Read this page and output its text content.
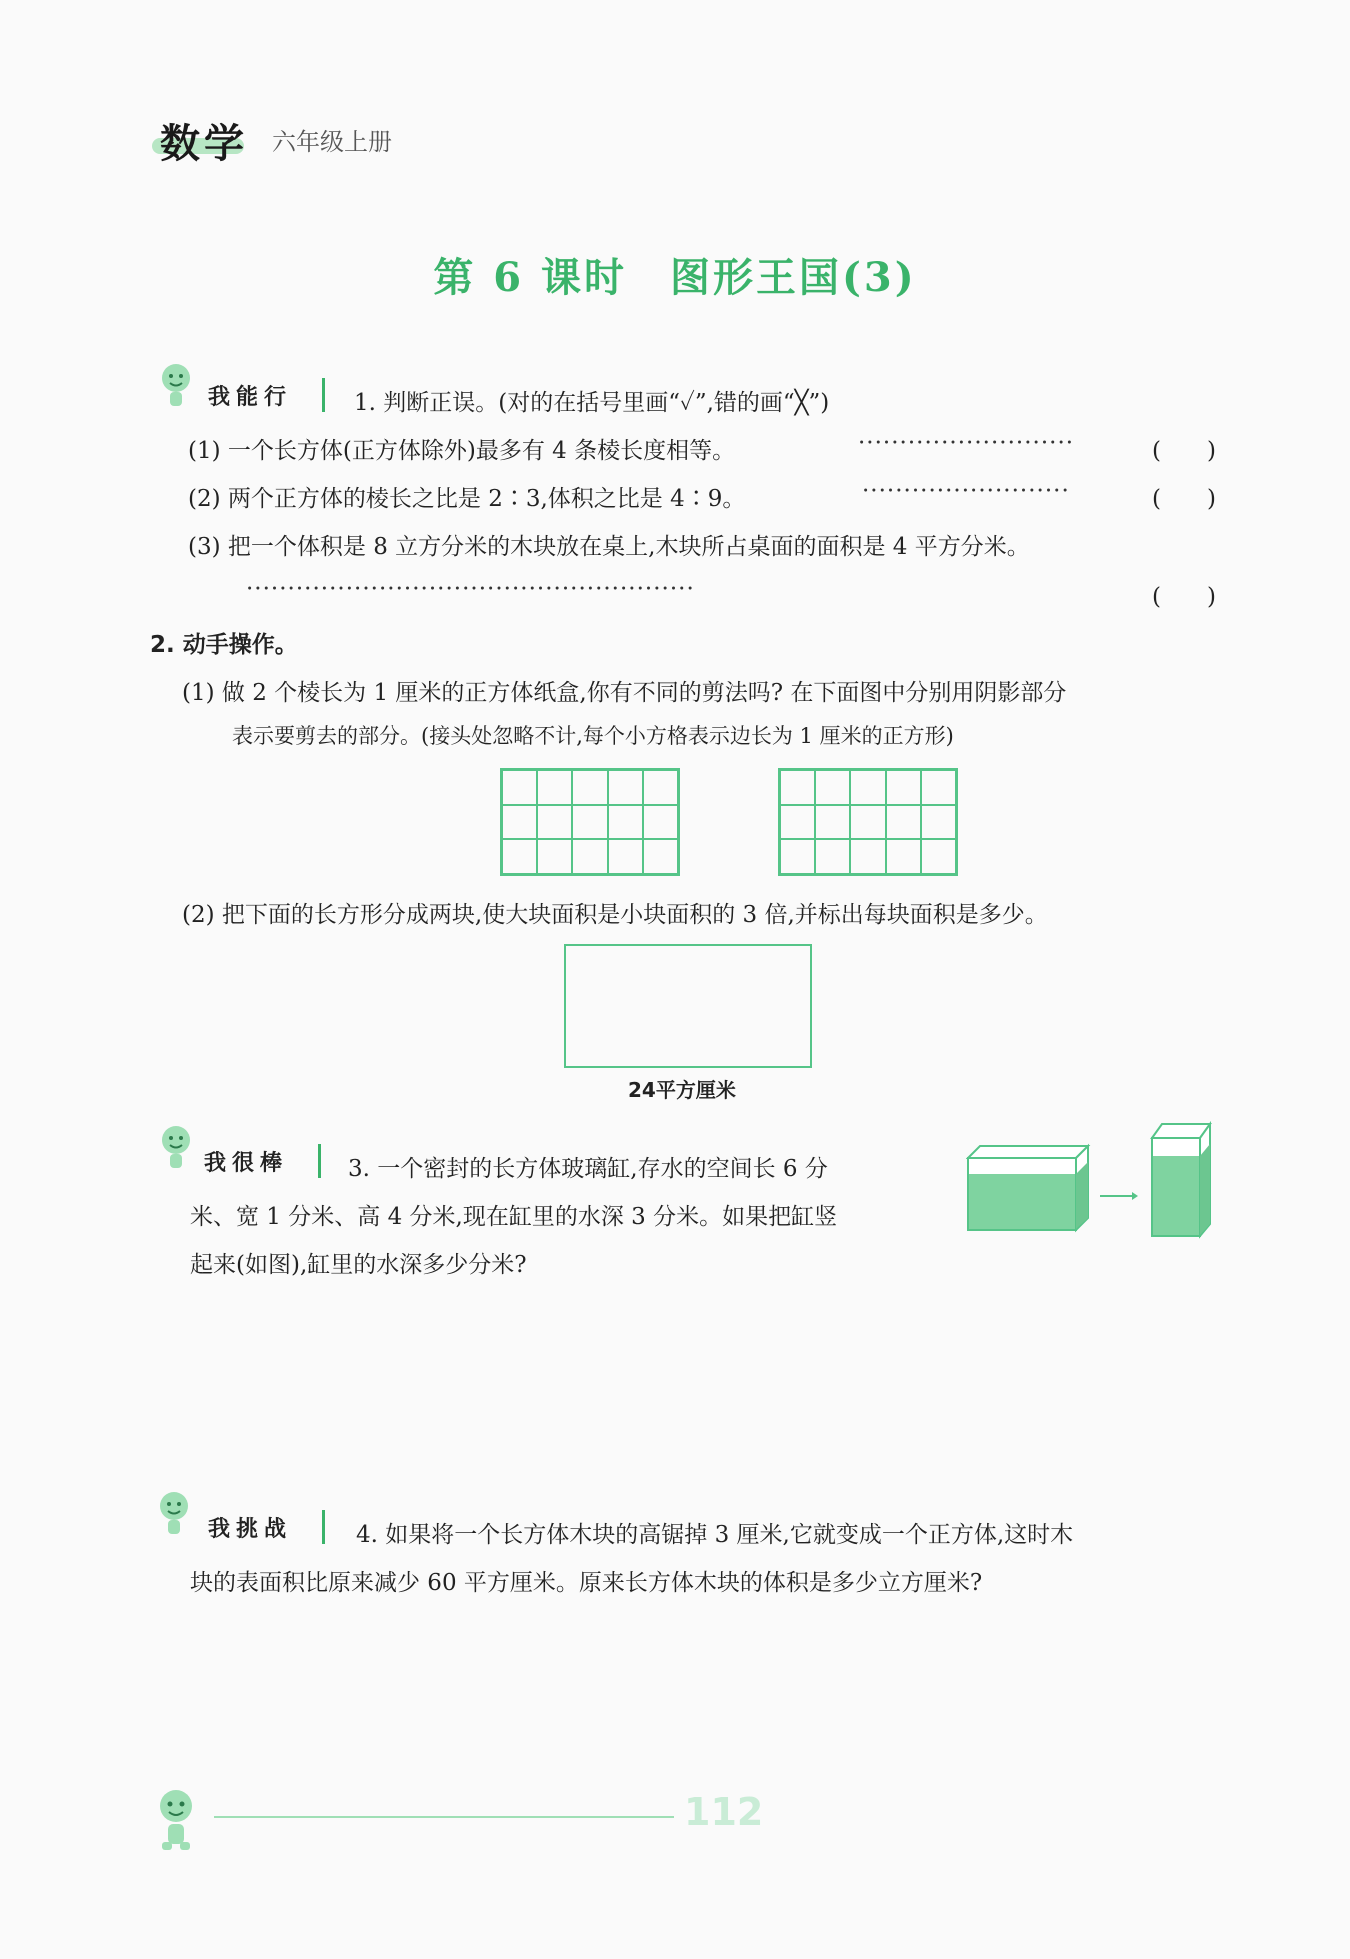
数学 六年级上册
第 6 课时　图形王国(3)
我能行	1. 判断正误。(对的在括号里画“✓”,错的画“╳”)
(1) 一个长方体(正方体除外)最多有 4 条棱长度相等。	··························	(　　)
(2) 两个正方体的棱长之比是 2∶3,体积之比是 4∶9。	·························	(　　)
(3) 把一个体积是 8 立方分米的木块放在桌上,木块所占桌面的面积是 4 平方分米。
······················································	(　　)
2. 动手操作。
(1) 做 2 个棱长为 1 厘米的正方体纸盒,你有不同的剪法吗? 在下面图中分别用阴影部分
表示要剪去的部分。(接头处忽略不计,每个小方格表示边长为 1 厘米的正方形)
(2) 把下面的长方形分成两块,使大块面积是小块面积的 3 倍,并标出每块面积是多少。
24平方厘米
我很棒	3. 一个密封的长方体玻璃缸,存水的空间长 6 分
米、宽 1 分米、高 4 分米,现在缸里的水深 3 分米。如果把缸竖
起来(如图),缸里的水深多少分米?
我挑战	4. 如果将一个长方体木块的高锯掉 3 厘米,它就变成一个正方体,这时木
块的表面积比原来减少 60 平方厘米。原来长方体木块的体积是多少立方厘米?
112
